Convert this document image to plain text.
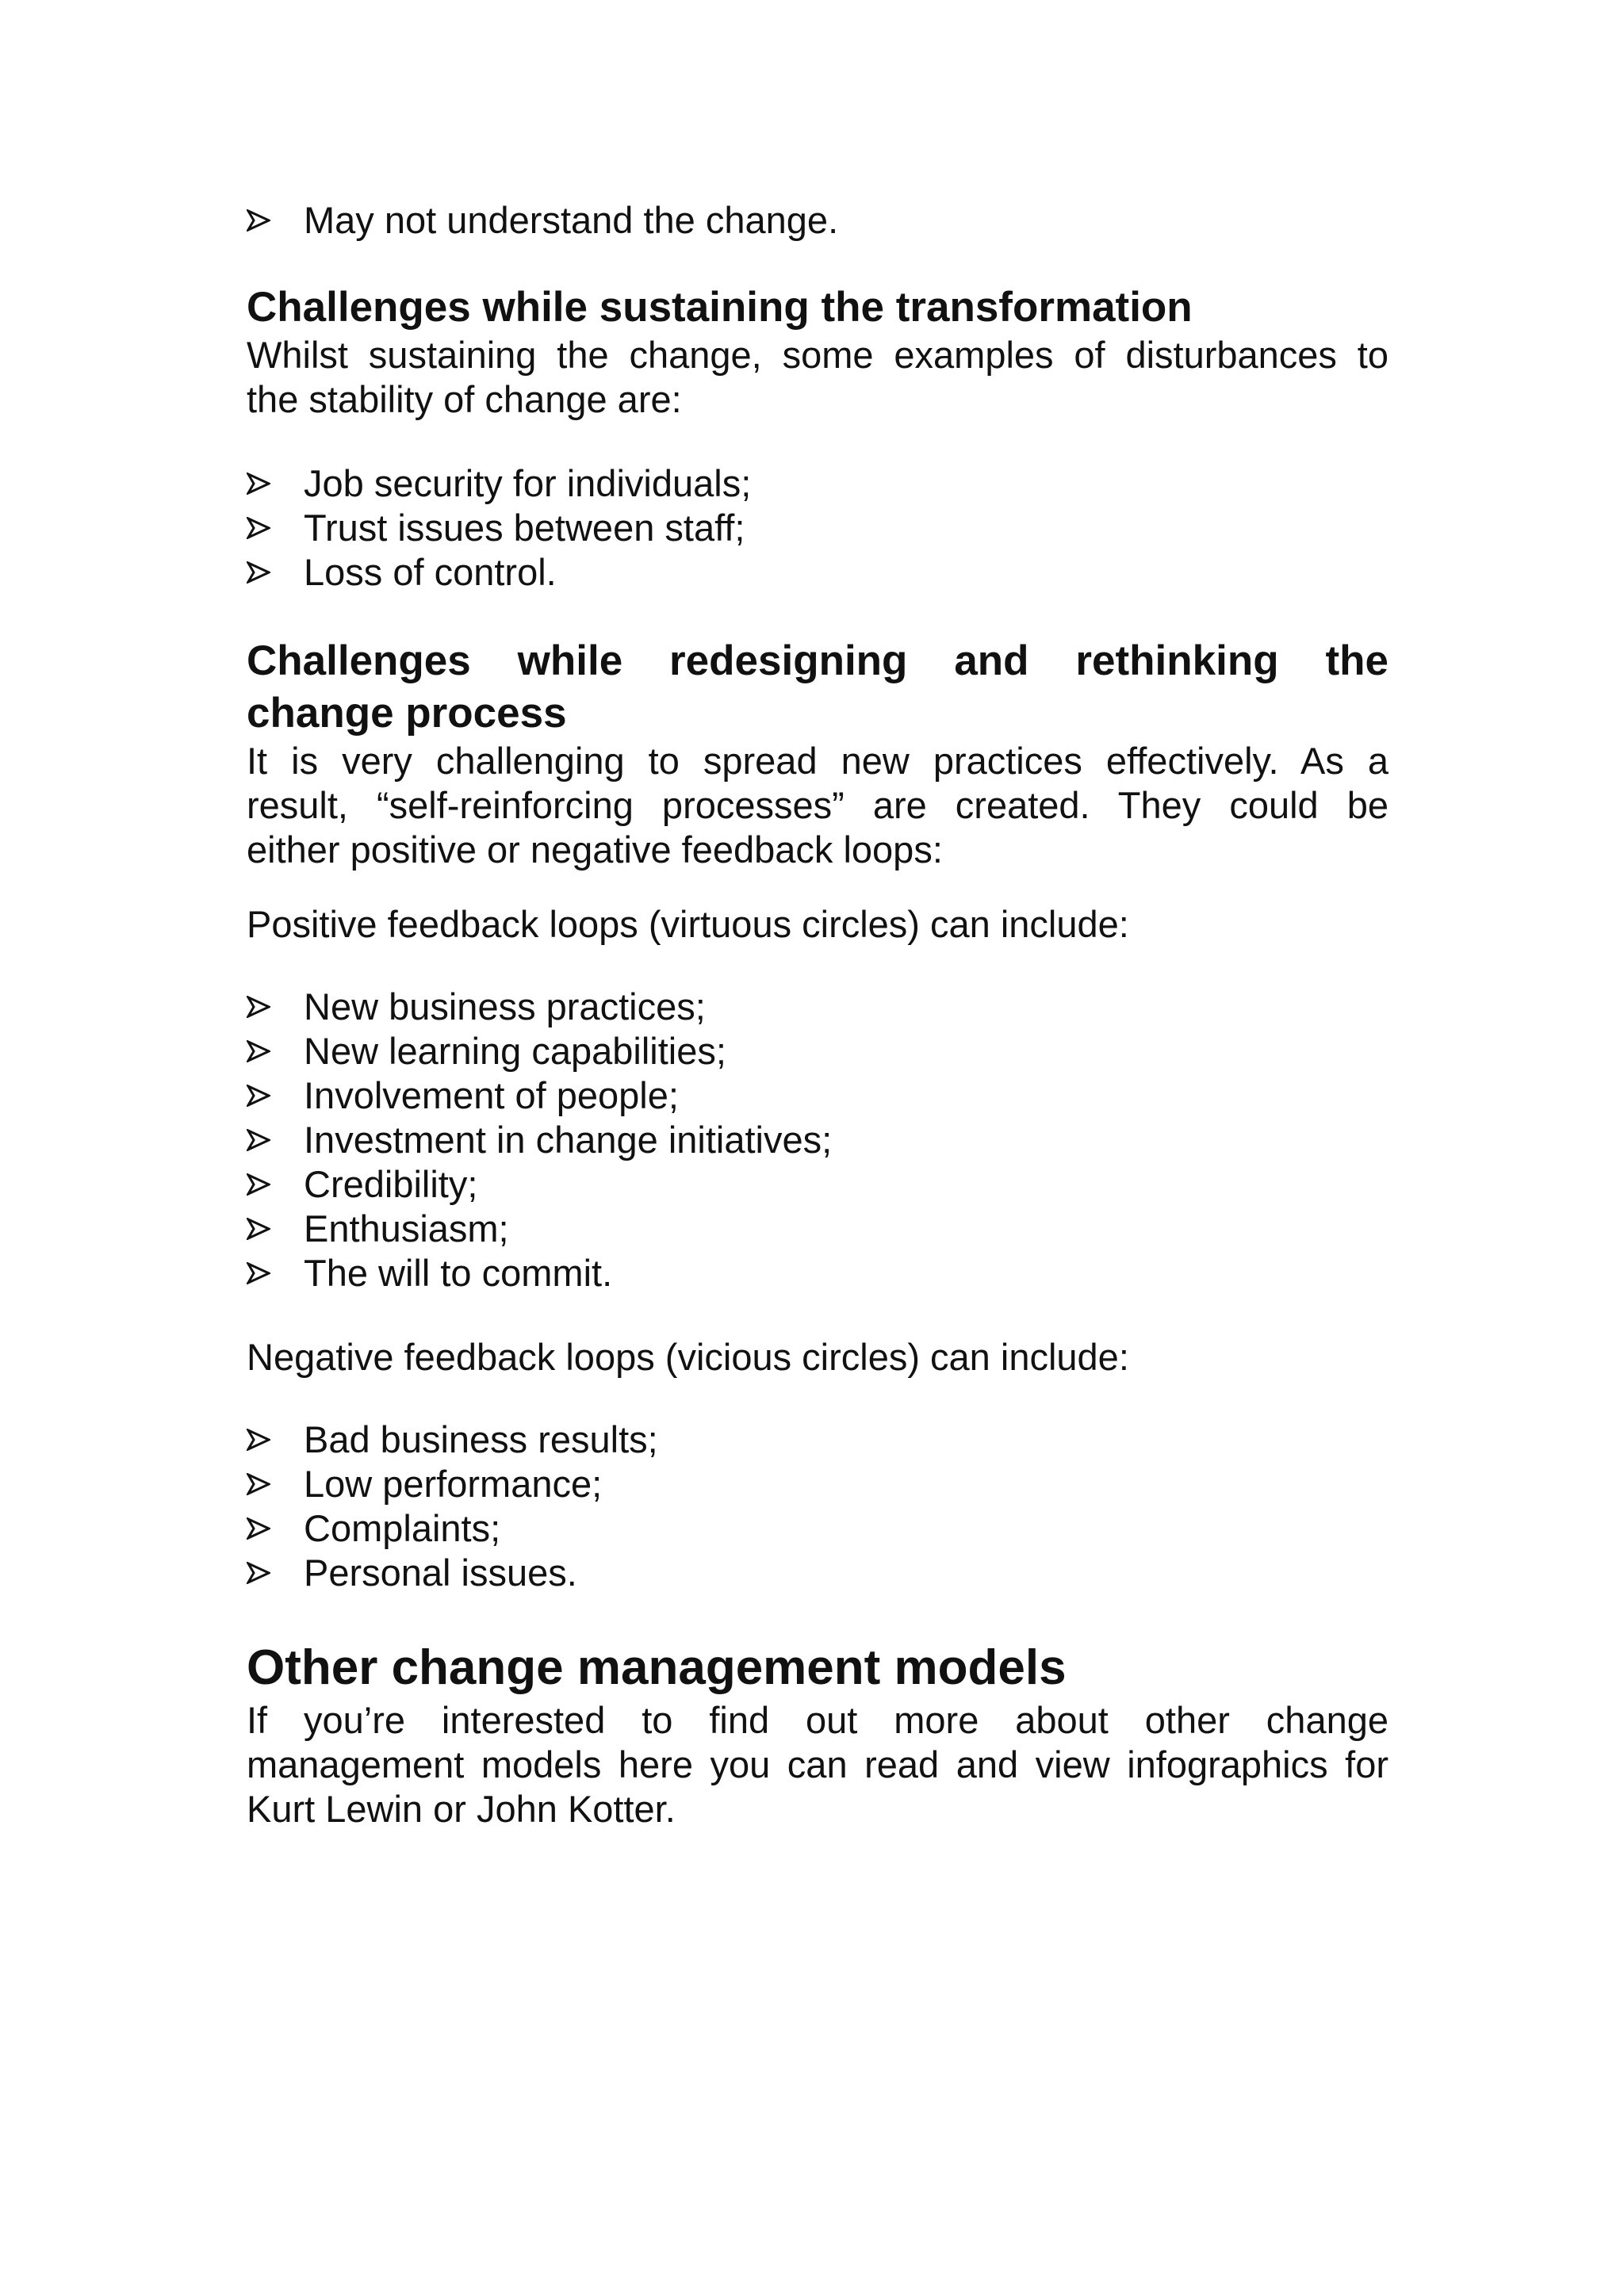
May not understand the change.
Challenges while sustaining the transformation
Whilst sustaining the change, some examples of disturbances to
the stability of change are:
Job security for individuals;
Trust issues between staff;
Loss of control.
Challenges while redesigning and rethinking the
change process
It is very challenging to spread new practices effectively. As a
result, “self-reinforcing processes” are created. They could be
either positive or negative feedback loops:
Positive feedback loops (virtuous circles) can include:
New business practices;
New learning capabilities;
Involvement of people;
Investment in change initiatives;
Credibility;
Enthusiasm;
The will to commit.
Negative feedback loops (vicious circles) can include:
Bad business results;
Low performance;
Complaints;
Personal issues.
Other change management models
If you’re interested to find out more about other change
management models here you can read and view infographics for
Kurt Lewin or John Kotter.
